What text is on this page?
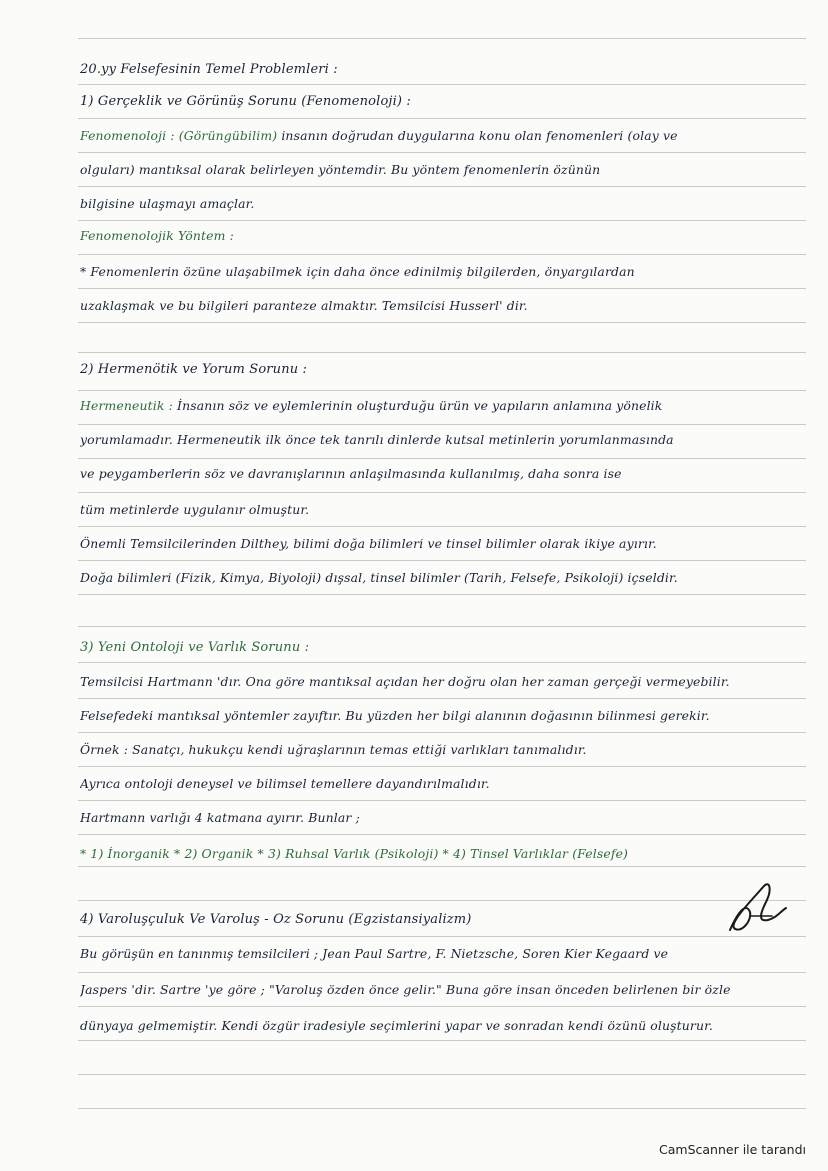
20.yy Felsefesinin Temel Problemleri :
1) Gerçeklik ve Görünüş Sorunu (Fenomenoloji) :
Fenomenoloji : (Görüngübilim) insanın doğrudan duygularına konu olan fenomenleri (olay ve
olguları) mantıksal olarak belirleyen yöntemdir. Bu yöntem fenomenlerin özünün
bilgisine ulaşmayı amaçlar.
Fenomenolojik Yöntem :
* Fenomenlerin özüne ulaşabilmek için daha önce edinilmiş bilgilerden, önyargılardan
uzaklaşmak ve bu bilgileri paranteze almaktır. Temsilcisi Husserl' dir.
2) Hermenötik ve Yorum Sorunu :
Hermeneutik : İnsanın söz ve eylemlerinin oluşturduğu ürün ve yapıların anlamına yönelik
yorumlamadır. Hermeneutik ilk önce tek tanrılı dinlerde kutsal metinlerin yorumlanmasında
ve peygamberlerin söz ve davranışlarının anlaşılmasında kullanılmış, daha sonra ise
tüm metinlerde uygulanır olmuştur.
Önemli Temsilcilerinden Dilthey, bilimi doğa bilimleri ve tinsel bilimler olarak ikiye ayırır.
Doğa bilimleri (Fizik, Kimya, Biyoloji) dışsal, tinsel bilimler (Tarih, Felsefe, Psikoloji) içseldir.
3) Yeni Ontoloji ve Varlık Sorunu :
Temsilcisi Hartmann 'dır. Ona göre mantıksal açıdan her doğru olan her zaman gerçeği vermeyebilir.
Felsefedeki mantıksal yöntemler zayıftır. Bu yüzden her bilgi alanının doğasının bilinmesi gerekir.
Örnek : Sanatçı, hukukçu kendi uğraşlarının temas ettiği varlıkları tanımalıdır.
Ayrıca ontoloji deneysel ve bilimsel temellere dayandırılmalıdır.
Hartmann varlığı 4 katmana ayırır. Bunlar ;
* 1) İnorganik * 2) Organik * 3) Ruhsal Varlık (Psikoloji) * 4) Tinsel Varlıklar (Felsefe)
4) Varoluşçuluk Ve Varoluş - Öz Sorunu (Egzistansiyalizm)
Bu görüşün en tanınmış temsilcileri ; Jean Paul Sartre, F. Nietzsche, Soren Kier Kegaard ve
Jaspers 'dir. Sartre 'ye göre ; "Varoluş özden önce gelir." Buna göre insan önceden belirlenen bir özle
dünyaya gelmemiştir. Kendi özgür iradesiyle seçimlerini yapar ve sonradan kendi özünü oluşturur.
CamScanner ile tarandı
